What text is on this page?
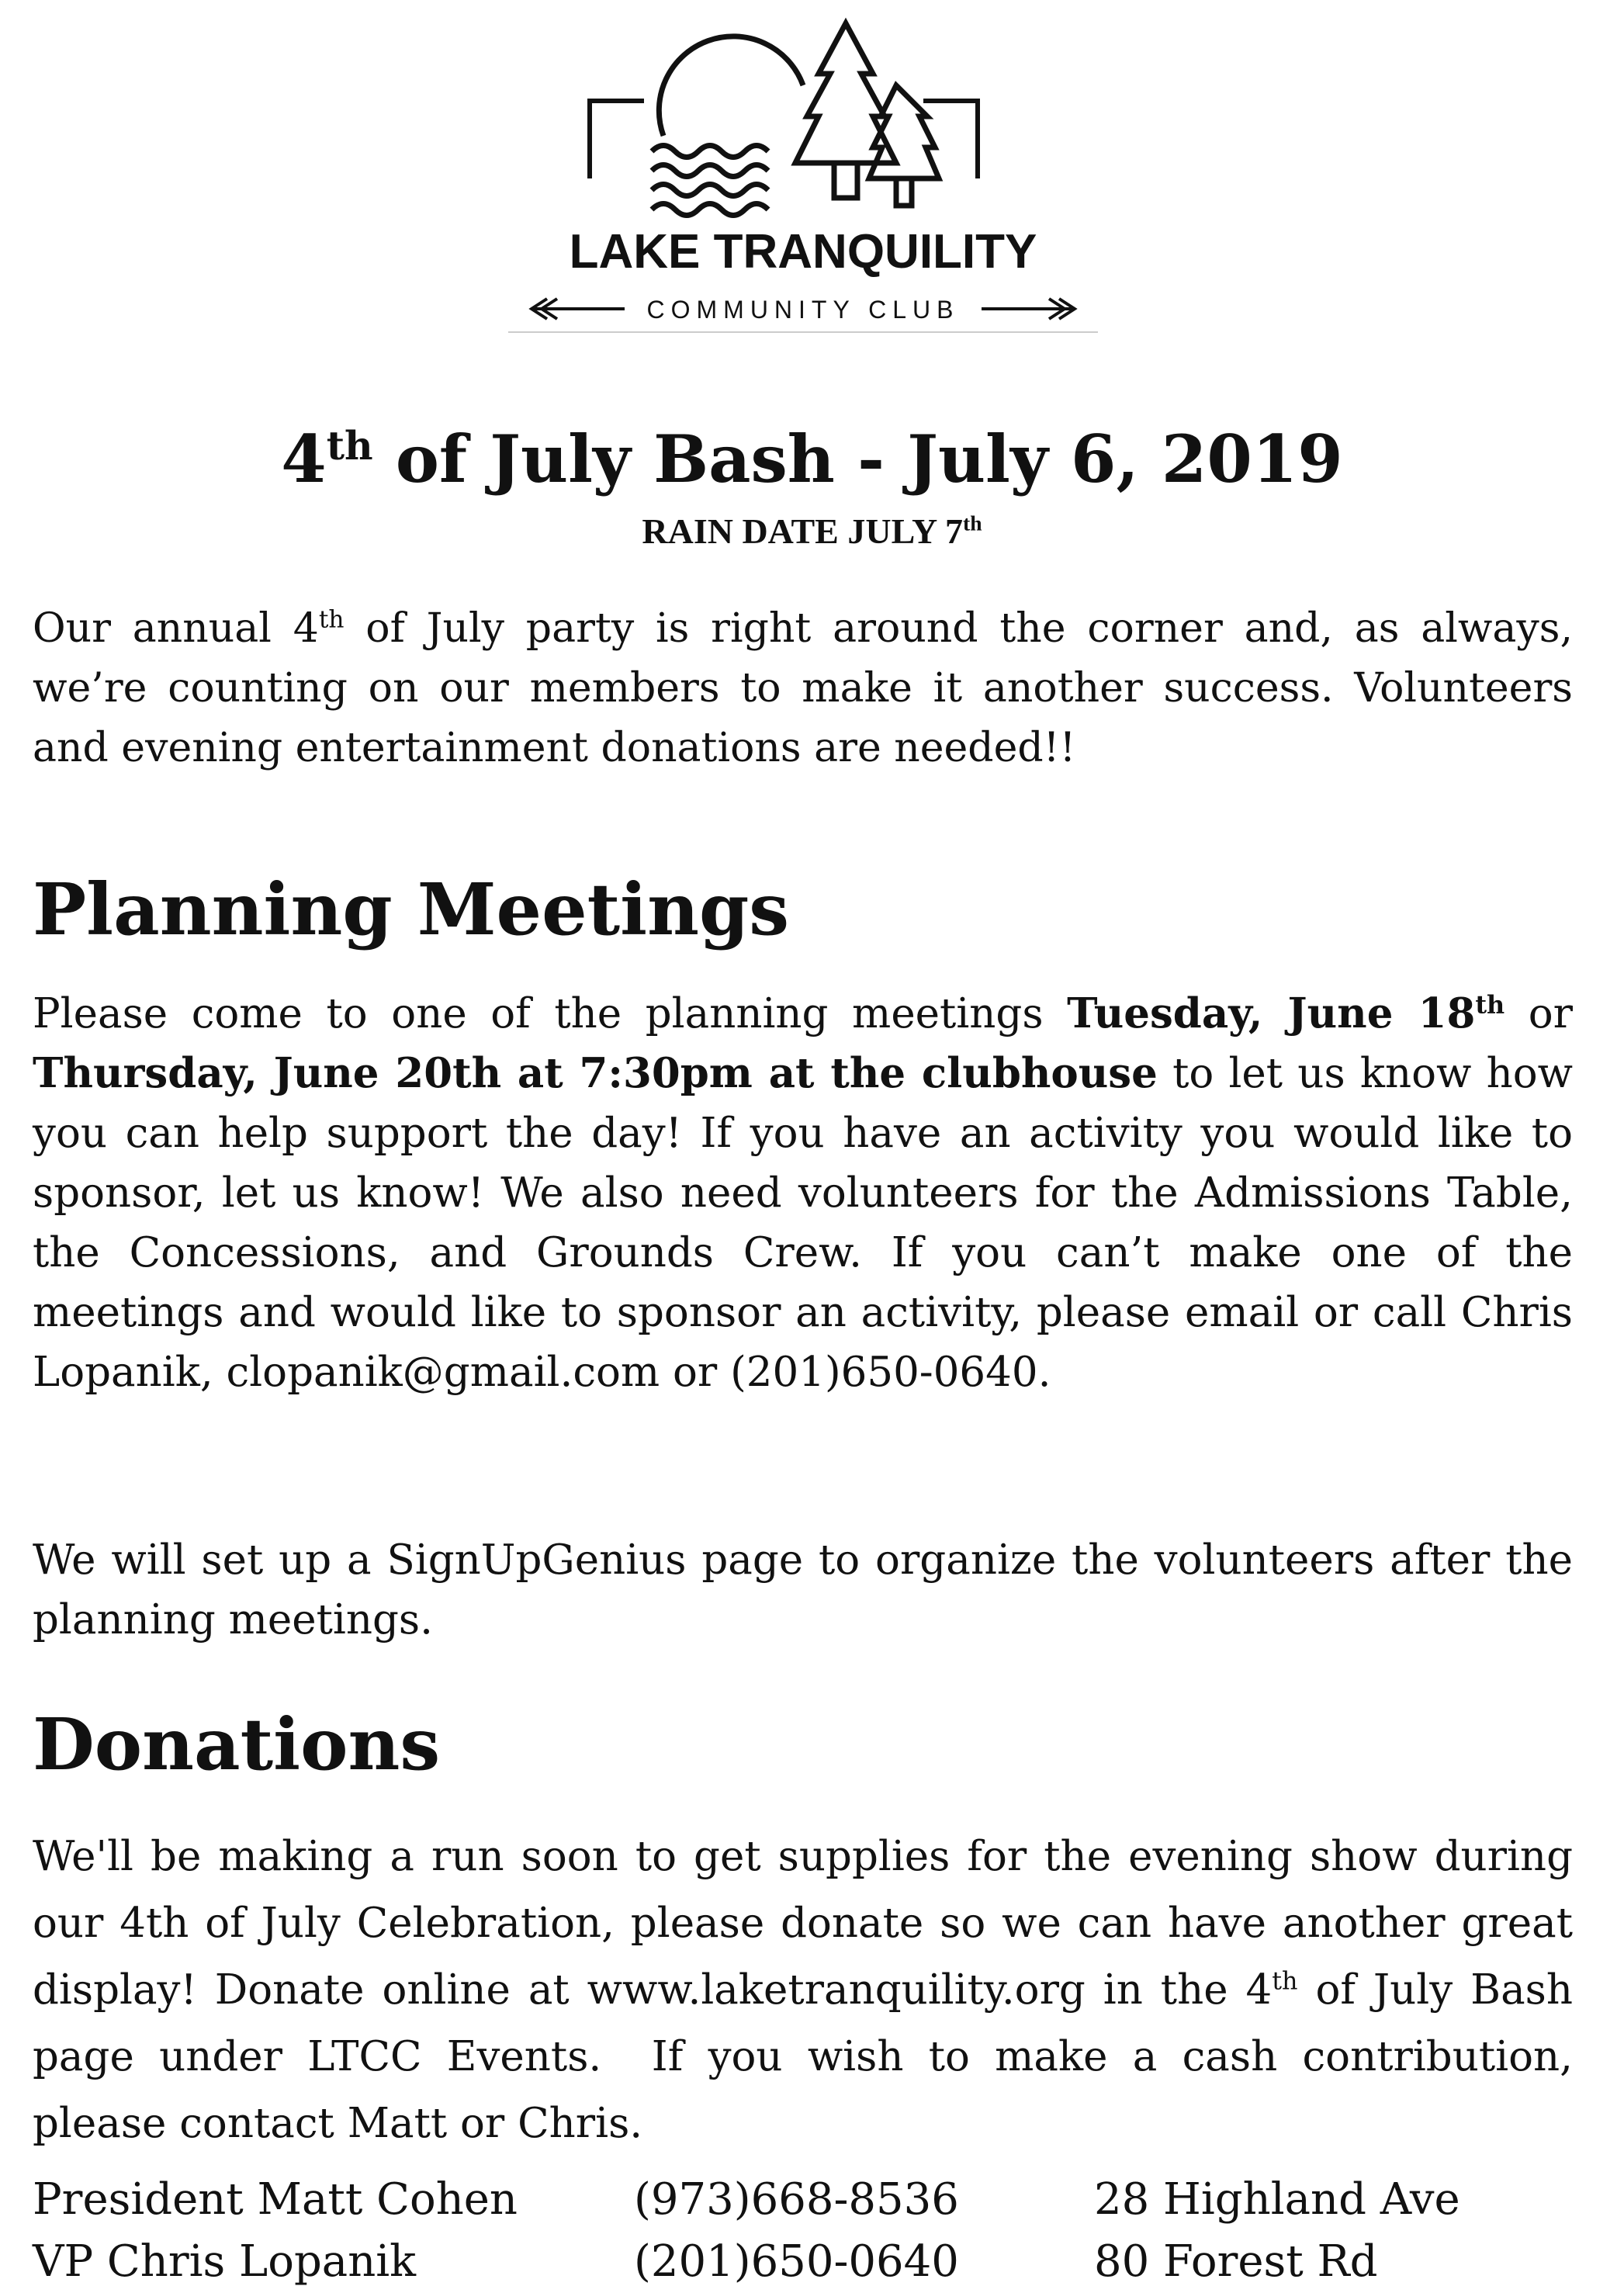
LAKE TRANQUILITY
COMMUNITY CLUB
4th of July Bash - July 6, 2019
RAIN DATE JULY 7th

Our annual 4th of July party is right around the corner and, as always, we’re counting on our members to make it another success. Volunteers and evening entertainment donations are needed!!

Planning Meetings

Please come to one of the planning meetings Tuesday, June 18th or Thursday, June 20th at 7:30pm at the clubhouse to let us know how you can help support the day! If you have an activity you would like to sponsor, let us know! We also need volunteers for the Admissions Table, the Concessions, and Grounds Crew. If you can’t make one of the meetings and would like to sponsor an activity, please email or call Chris Lopanik, clopanik@gmail.com or (201)650-0640.

We will set up a SignUpGenius page to organize the volunteers after the planning meetings.

Donations

We'll be making a run soon to get supplies for the evening show during our 4th of July Celebration, please donate so we can have another great display! Donate online at www.laketranquility.org in the 4th of July Bash page under LTCC Events.  If you wish to make a cash contribution, please contact Matt or Chris.

President Matt Cohen	(973)668-8536	28 Highland Ave
VP Chris Lopanik	(201)650-0640	80 Forest Rd
